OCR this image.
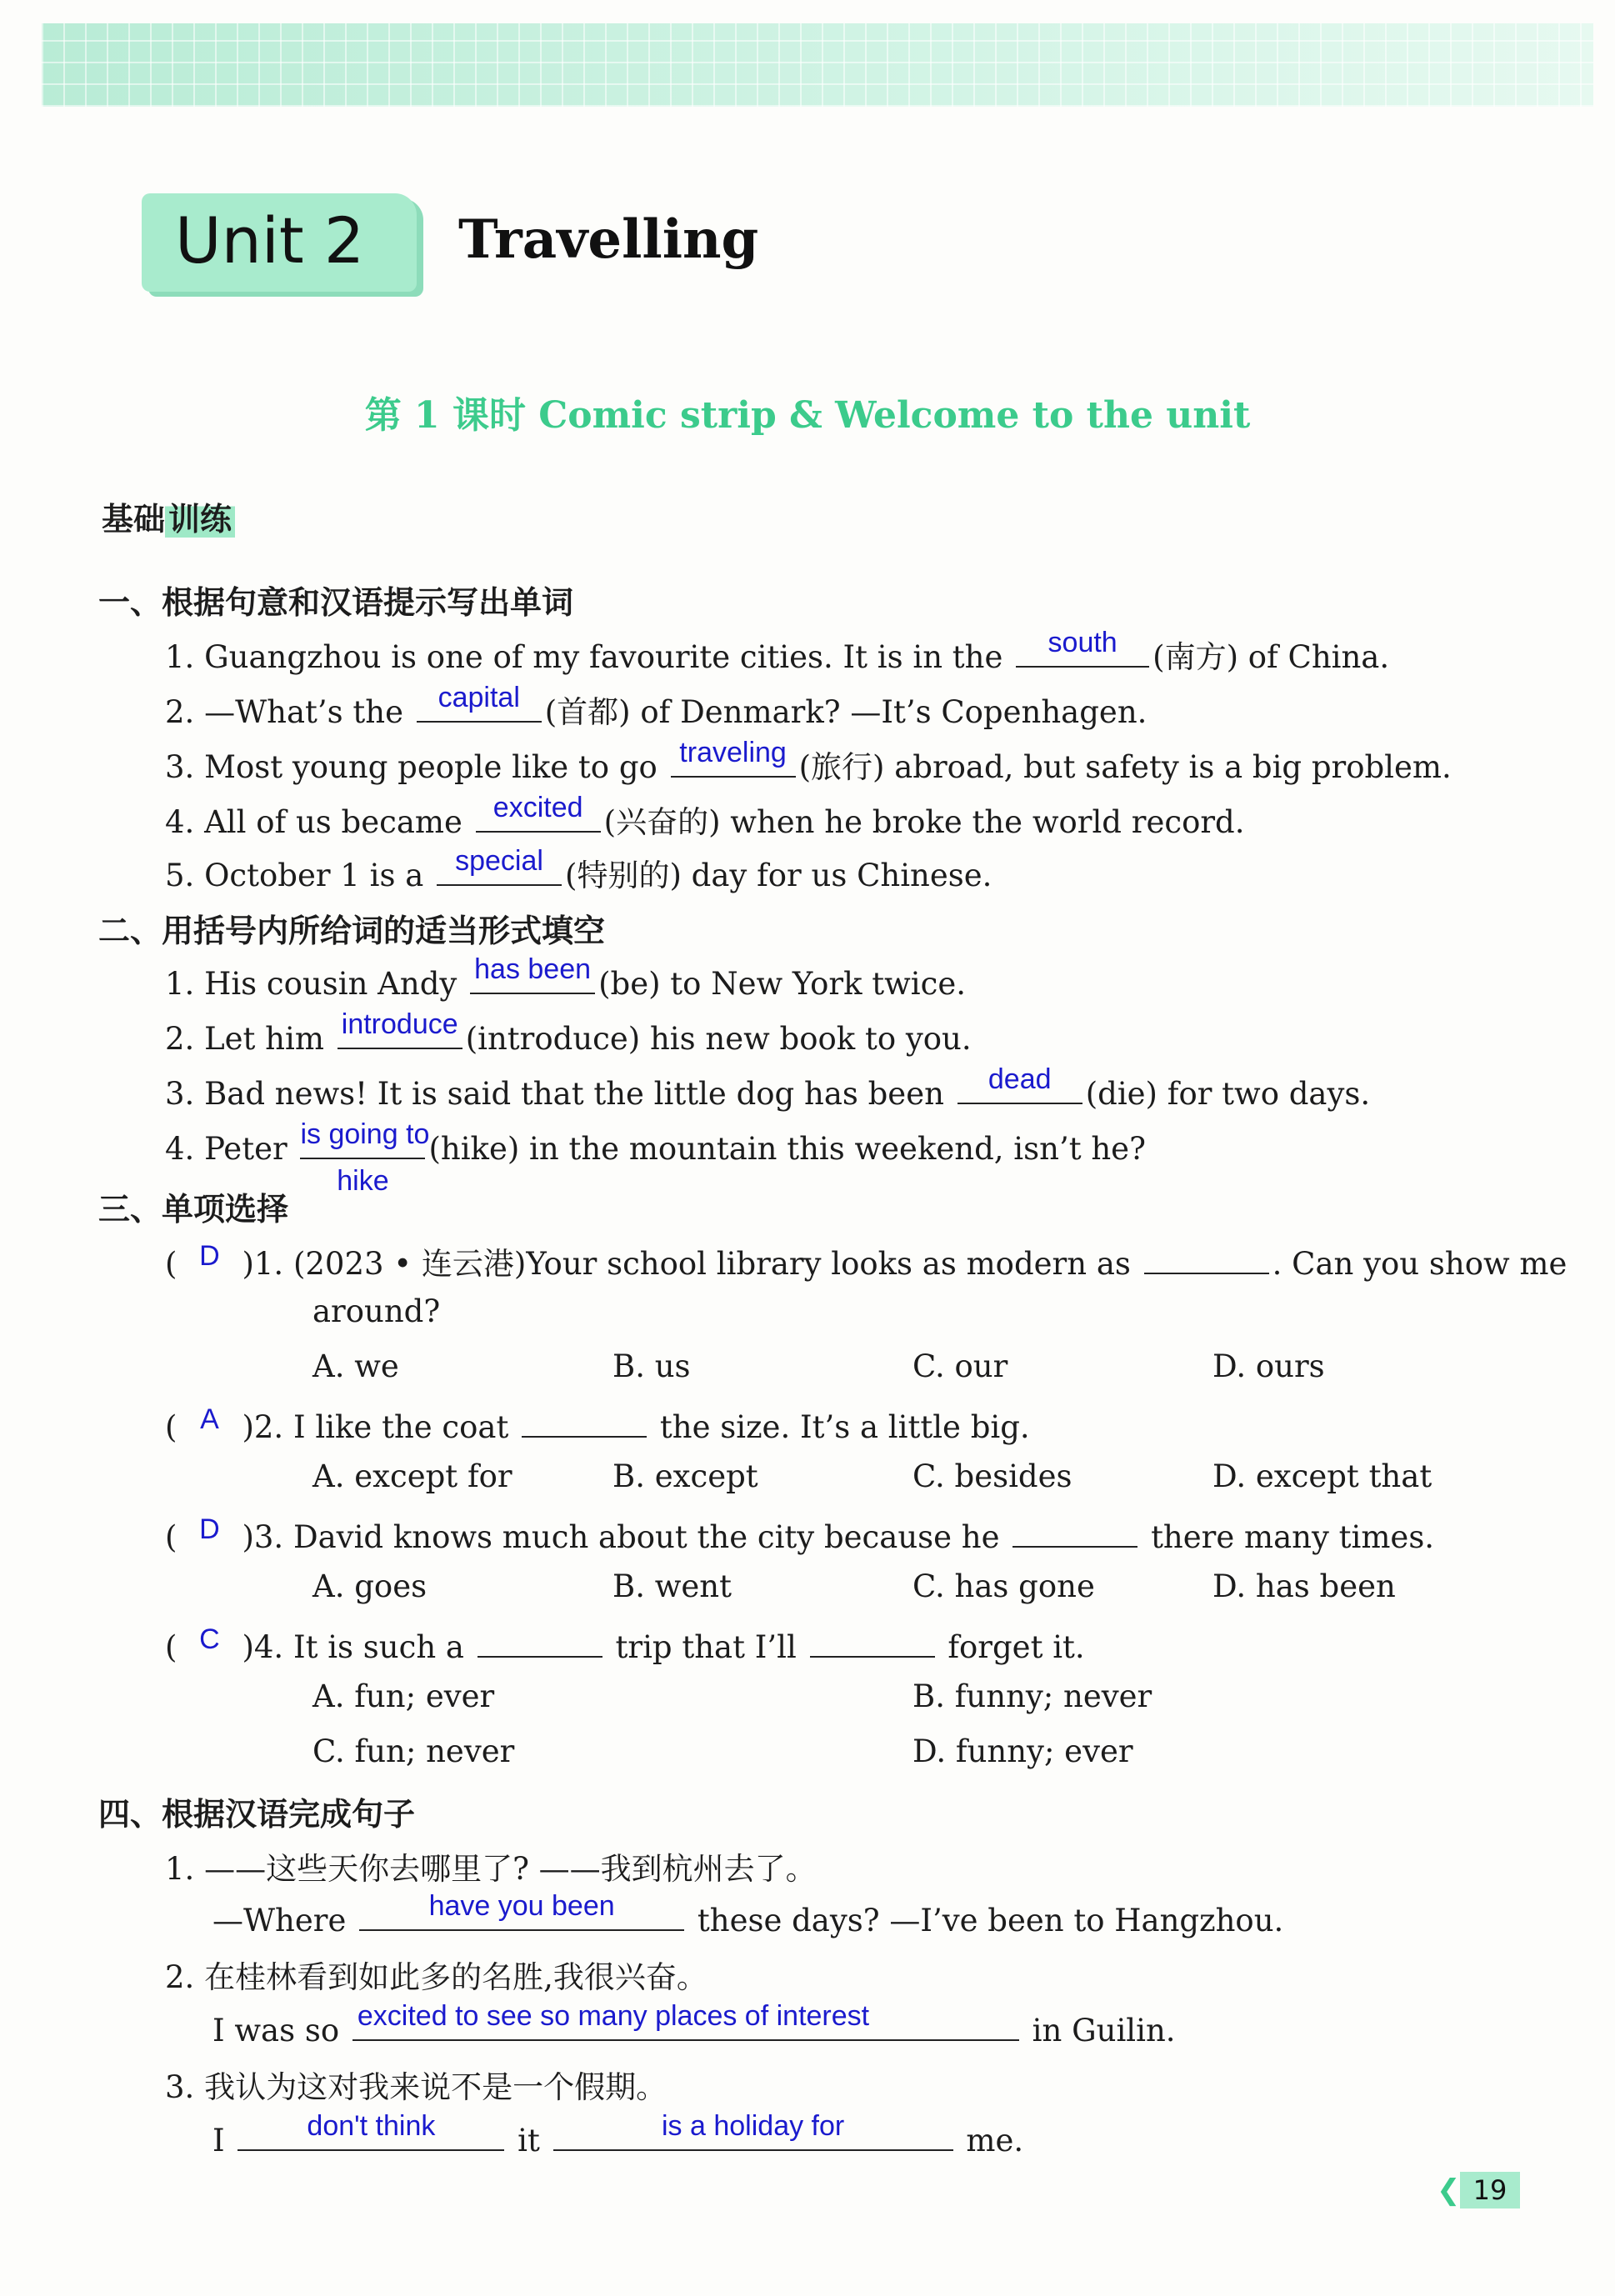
Unit 2 Travelling
第 1 课时 Comic strip & Welcome to the unit
基础 训练
一、根据句意和汉语提示写出单词
1. Guangzhou is one of my favourite cities. It is in the	south	(南方) of China.
2. —What’s the	capital (首都) of Denmark? —It’s Copenhagen.
3. Most young people like to go traveling (旅行) abroad, but safety is a big problem.
4. All of us became	excited (兴奋的) when he broke the world record.
5. October 1 is a	special (特别的) day for us Chinese.
二、用括号内所给词的适当形式填空
1. His cousin Andy has been (be) to New York twice.
2. Let him introduce (introduce) his new book to you.
3. Bad news! It is said that the little dog has been	dead	(die) for two days.
4. Peter is going to
hike
(hike) in the mountain this weekend, isn’t he?
三、单项选择
( D )1. (2023 • 连云港)Your school library looks as modern as	. Can you show me
around?
A. we	B. us	C. our	D. ours
( A )2. I like the coat	the size. It’s a little big.
A. except for	B. except	C. besides	D. except that
( D )3. David knows much about the city because he	there many times.
A. goes	B. went	C. has gone	D. has been
( C )4. It is such a	trip that I’ll	forget it.
A. fun; ever	B. funny; never
C. fun; never	D. funny; ever
四、根据汉语完成句子
1. ——这些天你去哪里了? ——我到杭州去了。
—Where	have you been	these days? —I’ve been to Hangzhou.
2. 在桂林看到如此多的名胜,我很兴奋。
I was so excited to see so many places of interest	in Guilin.
3. 我认为这对我来说不是一个假期。
I	don't think	it	is a holiday for	me.
❮ 19
